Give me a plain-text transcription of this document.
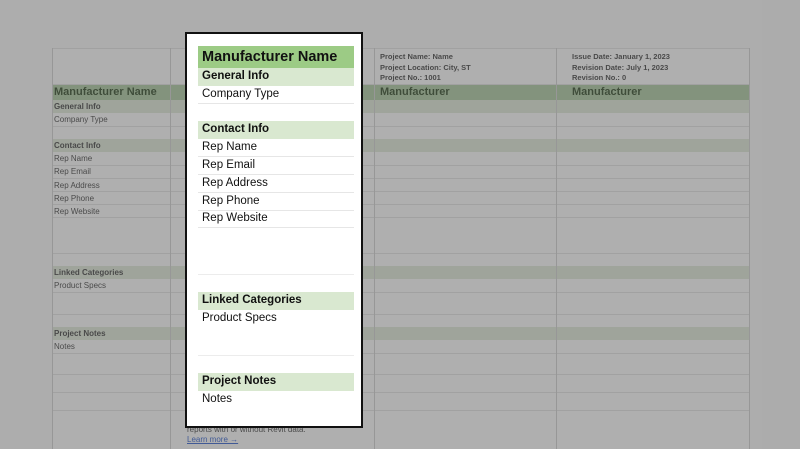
Manufacturer Name
General Info
Company Type
Contact Info
Rep Name
Rep Email
Rep Address
Rep Phone
Rep Website
Linked Categories
Product Specs
Project Notes
Notes
